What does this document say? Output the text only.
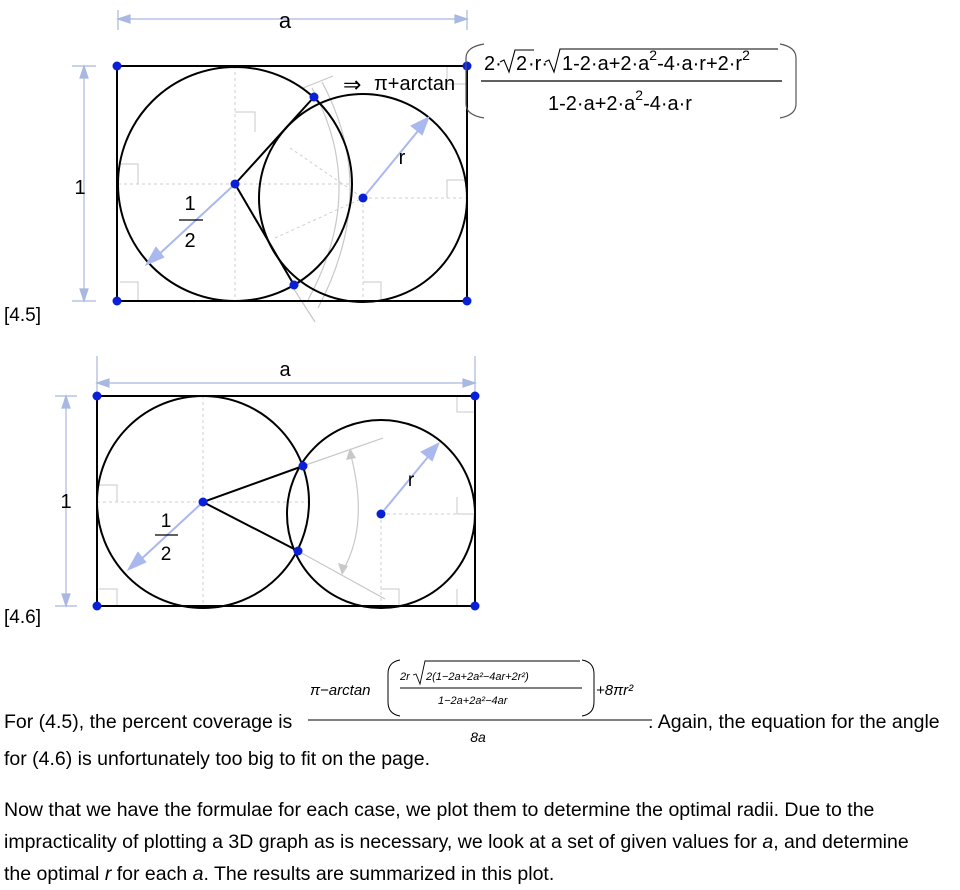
a
1
1
2
r
⇒ π+arctan
$2\cdot 2 \cdot r\cdot 1-2\cdot a+2\cdot a^2-4\cdot a\cdot r+2\cdot r^2$
$1-2\cdot a+2\cdot a^2-4\cdot a\cdot r$
[4.5]
a
1
1
2
r
[4.6]
π−arctan
2r 2(1−2a+2a²−4ar+2r²)
1−2a+2a²−4ar
+8πr²
8a
For (4.5), the percent coverage is	. Again, the equation for the angle
for (4.6) is unfortunately too big to fit on the page.
Now that we have the formulae for each case, we plot them to determine the optimal radii. Due to the
impracticality of plotting a 3D graph as is necessary, we look at a set of given values for a, and determine
the optimal r for each a. The results are summarized in this plot.
